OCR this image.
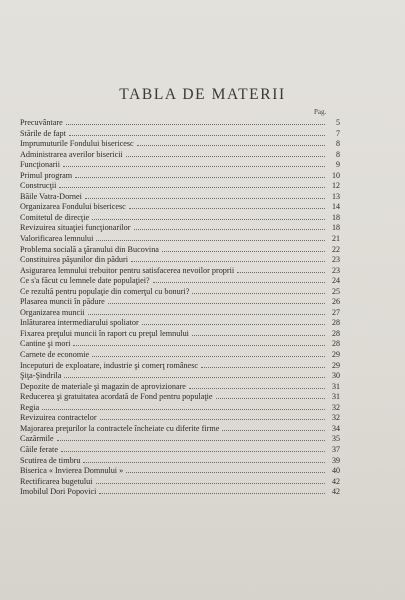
TABLA DE MATERII
Pag.
Precuvântare	5
Stările de fapt	7
Imprumuturile Fondului bisericesc	8
Administrarea averilor bisericii	8
Funcţionarii	9
Primul program	10
Construcţii	12
Băile Vatra-Dornei	13
Organizarea Fondului bisericesc	14
Comitetul de direcţie	18
Revizuirea situaţiei funcţionarilor	18
Valorificarea lemnului	21
Problema socială a ţăranului din Bucovina	22
Constituirea păşunilor din păduri	23
Asigurarea lemnului trebuitor pentru satisfacerea nevoilor proprii	23
Ce s'a făcut cu lemnele date populaţiei?	24
Ce rezultă pentru populaţie din comerţul cu bonuri?	25
Plasarea muncii în pădure	26
Organizarea muncii	27
Inlăturarea intermediarului spoliator	28
Fixarea preţului muncii în raport cu preţul lemnului	28
Cantine şi mori	28
Carnete de economie	29
Inceputuri de exploatare, industrie şi comerţ românesc	29
Şiţa-Şindrila	30
Depozite de materiale şi magazin de aprovizionare	31
Reducerea şi gratuitatea acordată de Fond pentru populaţie	31
Regia	32
Revizuirea contractelor	32
Majorarea preţurilor la contractele încheiate cu diferite firme	34
Cazărmile	35
Căile ferate	37
Scutirea de timbru	39
Biserica « Invierea Domnului »	40
Rectificarea bugetului	42
Imobilul Dori Popovici	42
